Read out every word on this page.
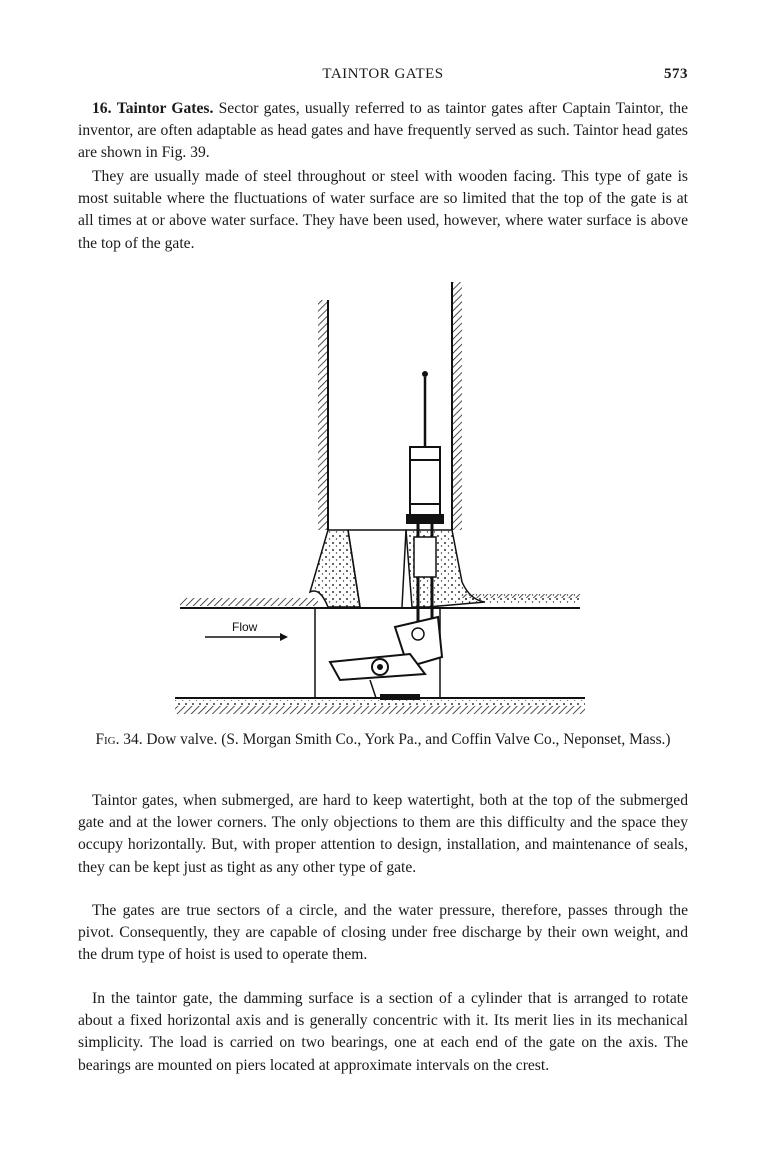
TAINTOR GATES	573

16. Taintor Gates. Sector gates, usually referred to as taintor gates after Captain Taintor, the inventor, are often adaptable as head gates and have frequently served as such. Taintor head gates are shown in Fig. 39.

They are usually made of steel throughout or steel with wooden facing. This type of gate is most suitable where the fluctuations of water surface are so limited that the top of the gate is at all times at or above water surface. They have been used, however, where water surface is above the top of the gate.

Flow
Fig. 34. Dow valve. (S. Morgan Smith Co., York Pa., and Coffin Valve Co., Neponset, Mass.)

Taintor gates, when submerged, are hard to keep watertight, both at the top of the submerged gate and at the lower corners. The only objections to them are this difficulty and the space they occupy horizontally. But, with proper attention to design, installation, and maintenance of seals, they can be kept just as tight as any other type of gate.

The gates are true sectors of a circle, and the water pressure, therefore, passes through the pivot. Consequently, they are capable of closing under free discharge by their own weight, and the drum type of hoist is used to operate them.

In the taintor gate, the damming surface is a section of a cylinder that is arranged to rotate about a fixed horizontal axis and is generally concentric with it. Its merit lies in its mechanical simplicity. The load is carried on two bearings, one at each end of the gate on the axis. The bearings are mounted on piers located at approximate intervals on the crest.
